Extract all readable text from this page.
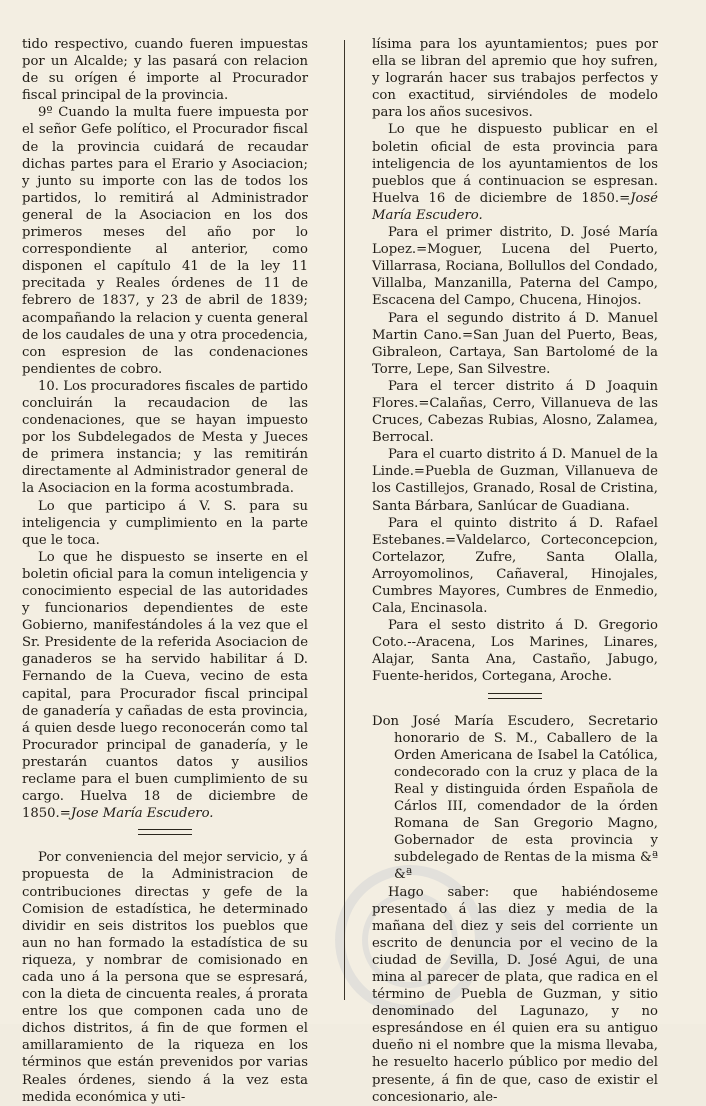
tido respectivo, cuando fueren impuestas por un Alcalde; y las pasará con relacion de su orígen é importe al Procurador fiscal principal de la provincia.

9º Cuando la multa fuere impuesta por el señor Gefe político, el Procurador fiscal de la provincia cuidará de recaudar dichas partes para el Erario y Asociacion; y junto su importe con las de todos los partidos, lo remitirá al Administrador general de la Asociacion en los dos primeros meses del año por lo correspondiente al anterior, como disponen el capítulo 41 de la ley 11 precitada y Reales órdenes de 11 de febrero de 1837, y 23 de abril de 1839; acompañando la relacion y cuenta general de los caudales de una y otra procedencia, con espresion de las condenaciones pendientes de cobro.

10. Los procuradores fiscales de partido concluirán la recaudacion de las condenaciones, que se hayan impuesto por los Subdelegados de Mesta y Jueces de primera instancia; y las remitirán directamente al Administrador general de la Asociacion en la forma acostumbrada.

Lo que participo á V. S. para su inteligencia y cumplimiento en la parte que le toca.

Lo que he dispuesto se inserte en el boletin oficial para la comun inteligencia y conocimiento especial de las autoridades y funcionarios dependientes de este Gobierno, manifestándoles á la vez que el Sr. Presidente de la referida Asociacion de ganaderos se ha servido habilitar á D. Fernando de la Cueva, vecino de esta capital, para Procurador fiscal principal de ganadería y cañadas de esta provincia, á quien desde luego reconocerán como tal Procurador principal de ganadería, y le prestarán cuantos datos y ausilios reclame para el buen cumplimiento de su cargo. Huelva 18 de diciembre de 1850.=Jose María Escudero.

Por conveniencia del mejor servicio, y á propuesta de la Administracion de contribuciones directas y gefe de la Comision de estadística, he determinado dividir en seis distritos los pueblos que aun no han formado la estadística de su riqueza, y nombrar de comisionado en cada uno á la persona que se espresará, con la dieta de cincuenta reales, á prorata entre los que componen cada uno de dichos distritos, á fin de que formen el amillaramiento de la riqueza en los términos que están prevenidos por varias Reales órdenes, siendo á la vez esta medida económica y uti-

lísima para los ayuntamientos; pues por ella se libran del apremio que hoy sufren, y lograrán hacer sus trabajos perfectos y con exactitud, sirviéndoles de modelo para los años sucesivos.

Lo que he dispuesto publicar en el boletin oficial de esta provincia para inteligencia de los ayuntamientos de los pueblos que á continuacion se espresan. Huelva 16 de diciembre de 1850.=José María Escudero.

Para el primer distrito, D. José María Lopez.=Moguer, Lucena del Puerto, Villarrasa, Rociana, Bollullos del Condado, Villalba, Manzanilla, Paterna del Campo, Escacena del Campo, Chucena, Hinojos.

Para el segundo distrito á D. Manuel Martin Cano.=San Juan del Puerto, Beas, Gibraleon, Cartaya, San Bartolomé de la Torre, Lepe, San Silvestre.

Para el tercer distrito á D Joaquin Flores.=Calañas, Cerro, Villanueva de las Cruces, Cabezas Rubias, Alosno, Zalamea, Berrocal.

Para el cuarto distrito á D. Manuel de la Linde.=Puebla de Guzman, Villanueva de los Castillejos, Granado, Rosal de Cristina, Santa Bárbara, Sanlúcar de Guadiana.

Para el quinto distrito á D. Rafael Estebanes.=Valdelarco, Corteconcepcion, Cortelazor, Zufre, Santa Olalla, Arroyomolinos, Cañaveral, Hinojales, Cumbres Mayores, Cumbres de Enmedio, Cala, Encinasola.

Para el sesto distrito á D. Gregorio Coto.--Aracena, Los Marines, Linares, Alajar, Santa Ana, Castaño, Jabugo, Fuente-heridos, Cortegana, Aroche.

Don José María Escudero, Secretario honorario de S. M., Caballero de la Orden Americana de Isabel la Católica, condecorado con la cruz y placa de la Real y distinguida órden Española de Cárlos III, comendador de la órden Romana de San Gregorio Magno, Gobernador de esta provincia y subdelegado de Rentas de la misma &ª &ª

Hago saber: que habiéndoseme presentado á las diez y media de la mañana del diez y seis del corriente un escrito de denuncia por el vecino de la ciudad de Sevilla, D. José Agui, de una mina al parecer de plata, que radica en el término de Puebla de Guzman, y sitio denominado del Lagunazo, y no espresándose en él quien era su antiguo dueño ni el nombre que la misma llevaba, he resuelto hacerlo público por medio del presente, á fin de que, caso de existir el concesionario, ale-
